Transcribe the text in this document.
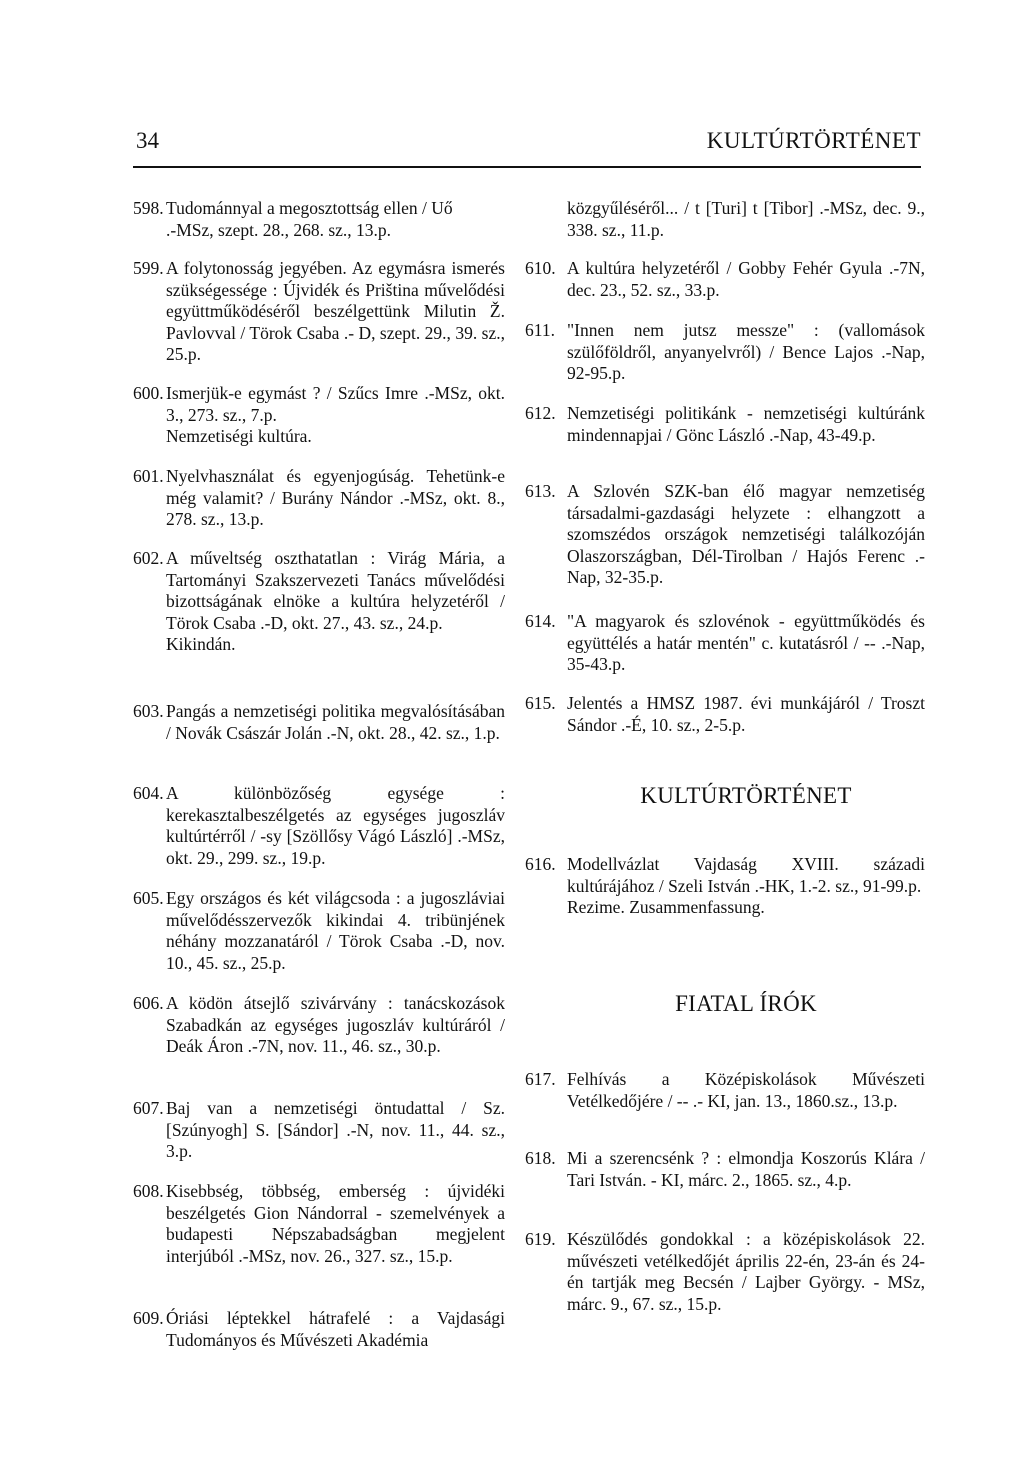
34	KULTÚRTÖRTÉNET
598. Tudománnyal a megosztottság ellen / Uő
.-MSz, szept. 28., 268. sz., 13.p.
599. A folytonosság jegyében. Az egymásra ismerés szükségessége : Újvidék és Priština művelődési együttműködéséről beszélgettünk Milutin Ž. Pavlovval / Törok Csaba .- D, szept. 29., 39. sz., 25.p.
600. Ismerjük-e egymást ? / Szűcs Imre .-MSz, okt. 3., 273. sz., 7.p.
Nemzetiségi kultúra.
601. Nyelvhasználat és egyenjogúság. Tehetünk-e még valamit? / Burány Nándor .-MSz, okt. 8., 278. sz., 13.p.
602. A műveltség oszthatatlan : Virág Mária, a Tartományi Szakszervezeti Tanács művelődési bizottságának elnöke a kultúra helyzetéről / Törok Csaba .-D, okt. 27., 43. sz., 24.p.
Kikindán.
603. Pangás a nemzetiségi politika megvalósításában / Novák Császár Jolán .-N, okt. 28., 42. sz., 1.p.
604. A különbözőség egysége : kerekasztalbeszélgetés az egységes jugoszláv kultúrtérről / -sy [Szöllősy Vágó László] .-MSz, okt. 29., 299. sz., 19.p.
605. Egy országos és két világcsoda : a jugoszláviai művelődésszervezők kikindai 4. tribünjének néhány mozzanatáról / Törok Csaba .-D, nov. 10., 45. sz., 25.p.
606. A ködön átsejlő szivárvány : tanácskozások Szabadkán az egységes jugoszláv kultúráról / Deák Áron .-7N, nov. 11., 46. sz., 30.p.
607. Baj van a nemzetiségi öntudattal / Sz. [Szúnyogh] S. [Sándor] .-N, nov. 11., 44. sz., 3.p.
608. Kisebbség, többség, emberség : újvidéki beszélgetés Gion Nándorral - szemelvények a budapesti Népszabadságban megjelent interjúból .-MSz, nov. 26., 327. sz., 15.p.
609. Óriási léptekkel hátrafelé : a Vajdasági Tudományos és Művészeti Akadémia
közgyűléséről... / t [Turi] t [Tibor] .-MSz, dec. 9., 338. sz., 11.p.
610. A kultúra helyzetéről / Gobby Fehér Gyula .-7N, dec. 23., 52. sz., 33.p.
611. "Innen nem jutsz messze" : (vallomások szülőföldről, anyanyelvről) / Bence Lajos .-Nap, 92-95.p.
612. Nemzetiségi politikánk - nemzetiségi kultúránk mindennapjai / Gönc László .-Nap, 43-49.p.
613. A Szlovén SZK-ban élő magyar nemzetiség társadalmi-gazdasági helyzete : elhangzott a szomszédos országok nemzetiségi találkozóján Olaszországban, Dél-Tirolban / Hajós Ferenc .-Nap, 32-35.p.
614. "A magyarok és szlovénok - együttműködés és együttélés a határ mentén" c. kutatásról / -- .-Nap, 35-43.p.
615. Jelentés a HMSZ 1987. évi munkájáról / Troszt Sándor .-É, 10. sz., 2-5.p.
KULTÚRTÖRTÉNET
616. Modellvázlat Vajdaság XVIII. századi kultúrájához / Szeli István .-HK, 1.-2. sz., 91-99.p.
Rezime. Zusammenfassung.
FIATAL ÍRÓK
617. Felhívás a Középiskolások Művészeti Vetélkedőjére / -- .- KI, jan. 13., 1860.sz., 13.p.
618. Mi a szerencsénk ? : elmondja Koszorús Klára / Tari István. - KI, márc. 2., 1865. sz., 4.p.
619. Készülődés gondokkal : a középiskolások 22. művészeti vetélkedőjét április 22-én, 23-án és 24-én tartják meg Becsén / Lajber György. - MSz, márc. 9., 67. sz., 15.p.
